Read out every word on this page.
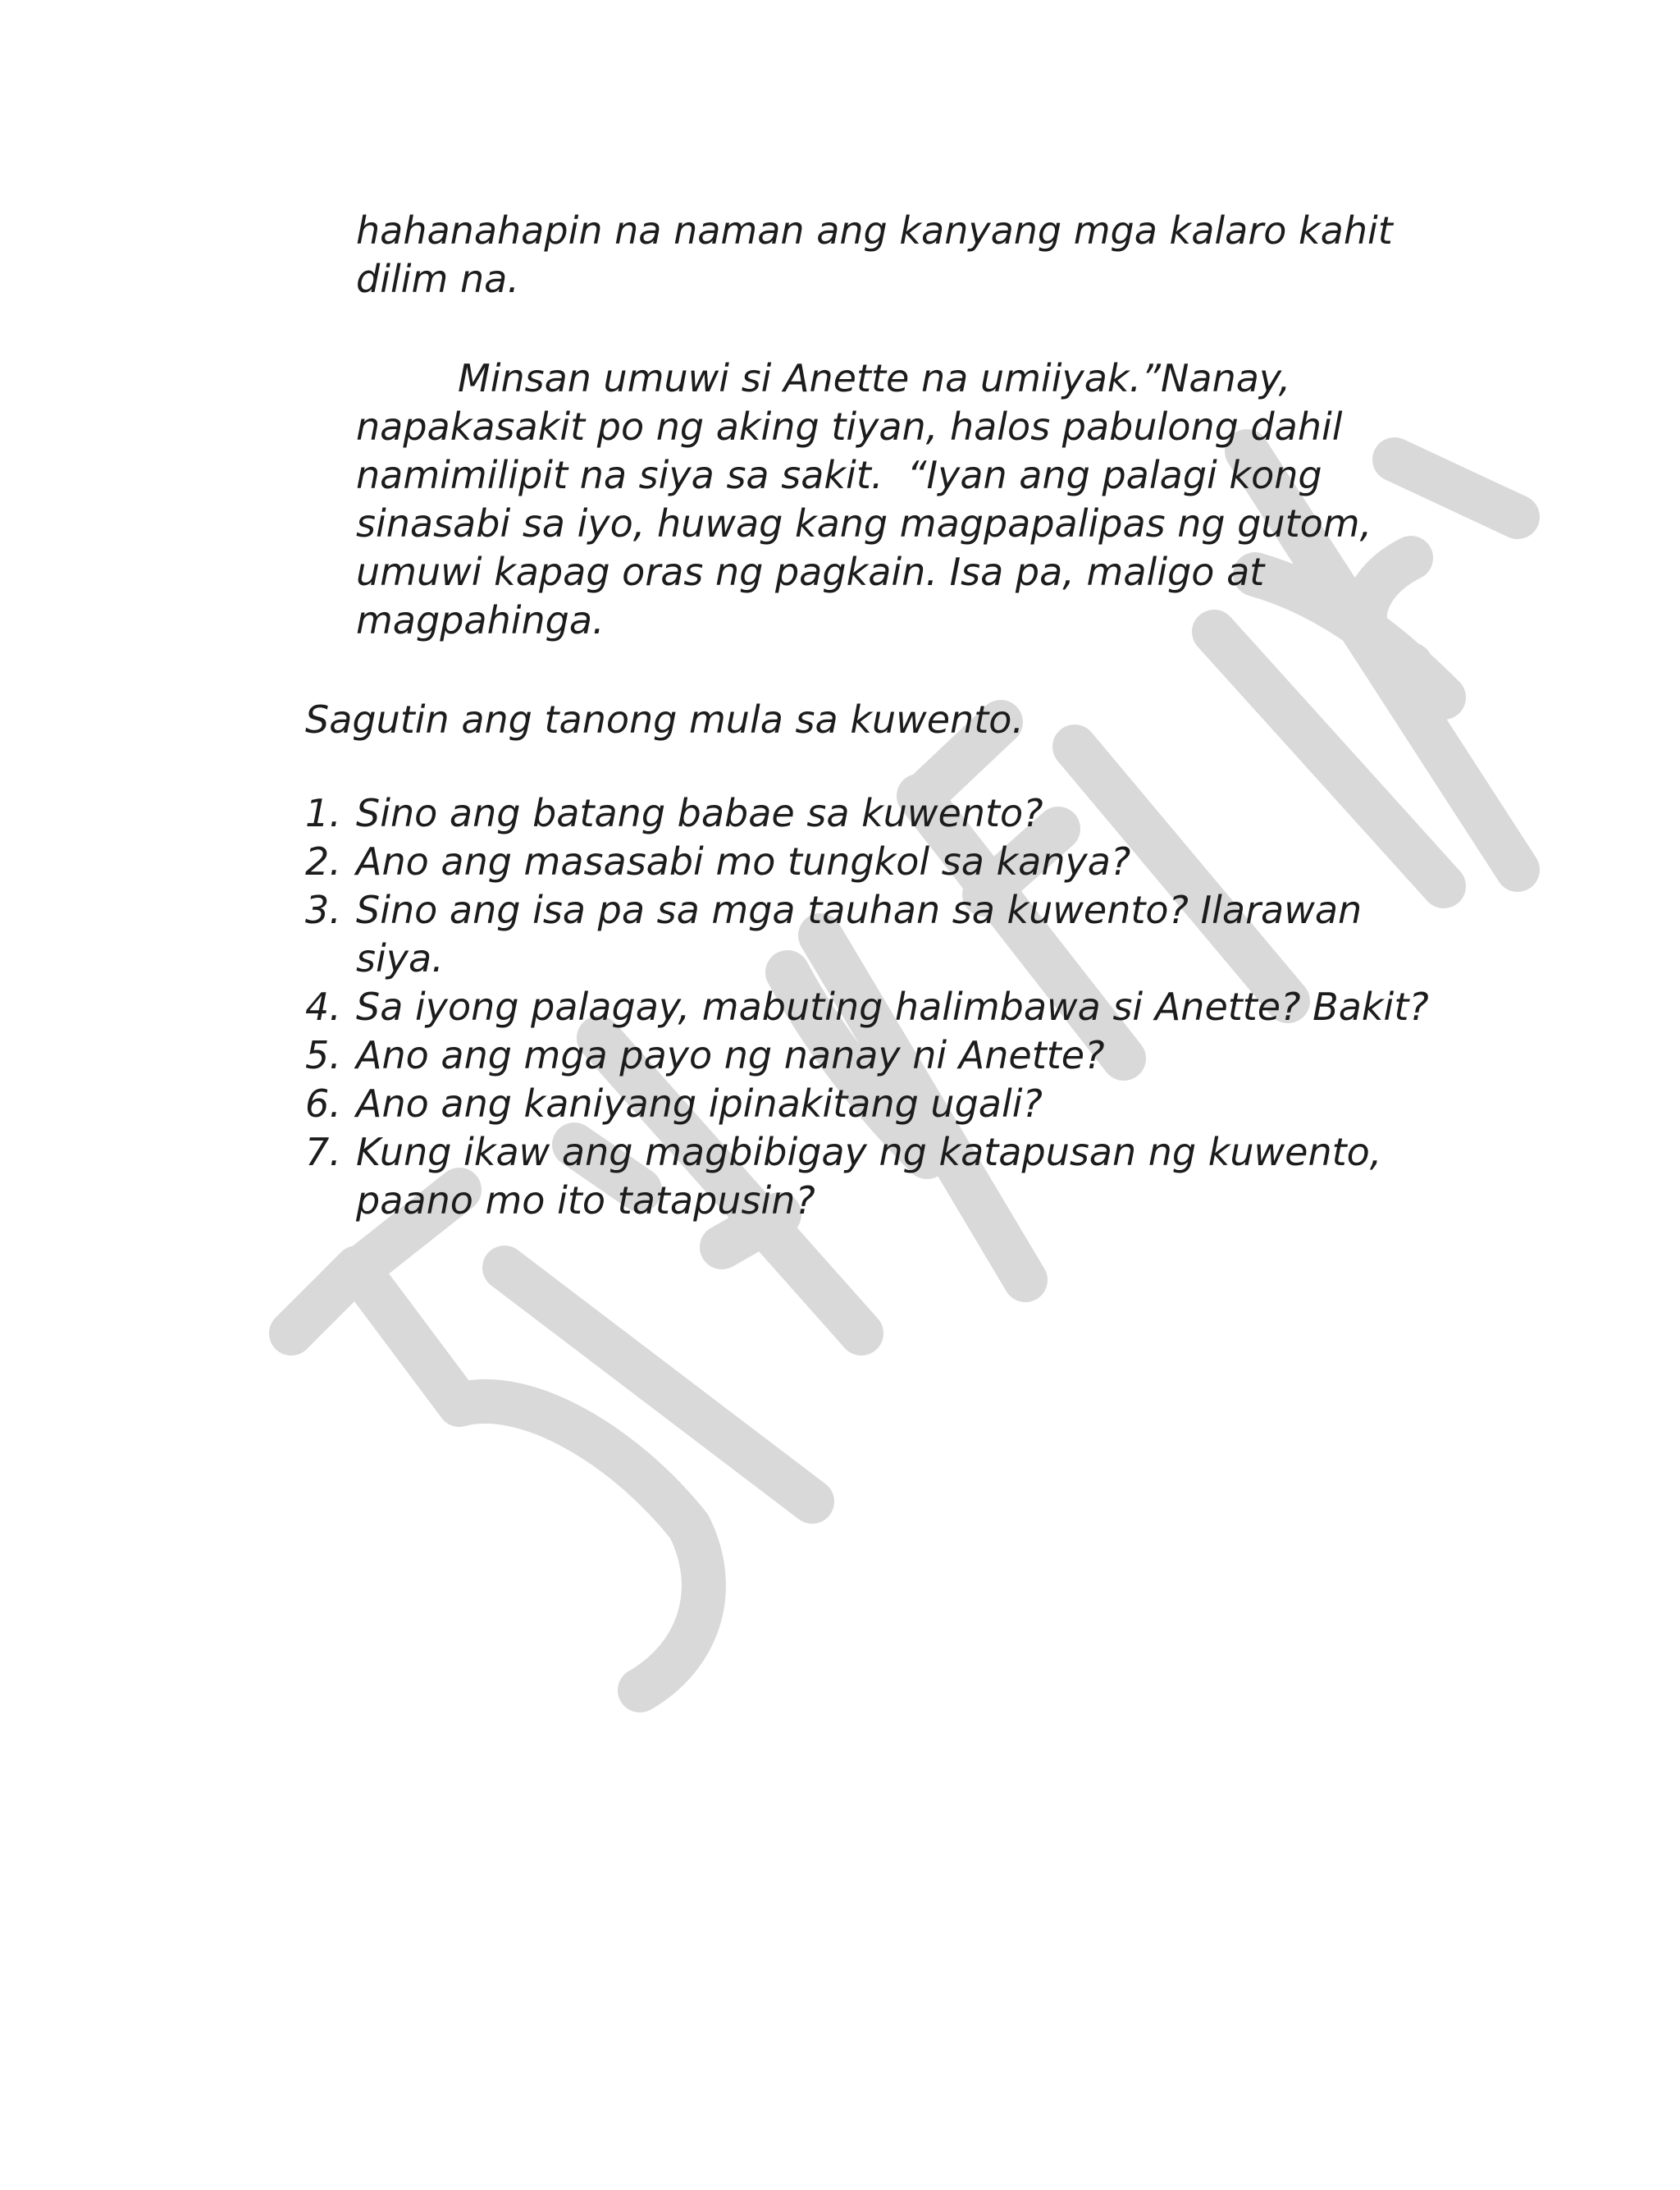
hahanahapin na naman ang kanyang mga kalaro kahit
dilim na.
Minsan umuwi si Anette na umiiyak.”Nanay,
napakasakit po ng aking tiyan, halos pabulong dahil
namimilipit na siya sa sakit.  “Iyan ang palagi kong
sinasabi sa iyo, huwag kang magpapalipas ng gutom,
umuwi kapag oras ng pagkain. Isa pa, maligo at
magpahinga.
Sagutin ang tanong mula sa kuwento.
1. Sino ang batang babae sa kuwento?
2. Ano ang masasabi mo tungkol sa kanya?
3. Sino ang isa pa sa mga tauhan sa kuwento? Ilarawan
siya.
4. Sa iyong palagay, mabuting halimbawa si Anette? Bakit?
5. Ano ang mga payo ng nanay ni Anette?
6. Ano ang kaniyang ipinakitang ugali?
7. Kung ikaw ang magbibigay ng katapusan ng kuwento,
paano mo ito tatapusin?
